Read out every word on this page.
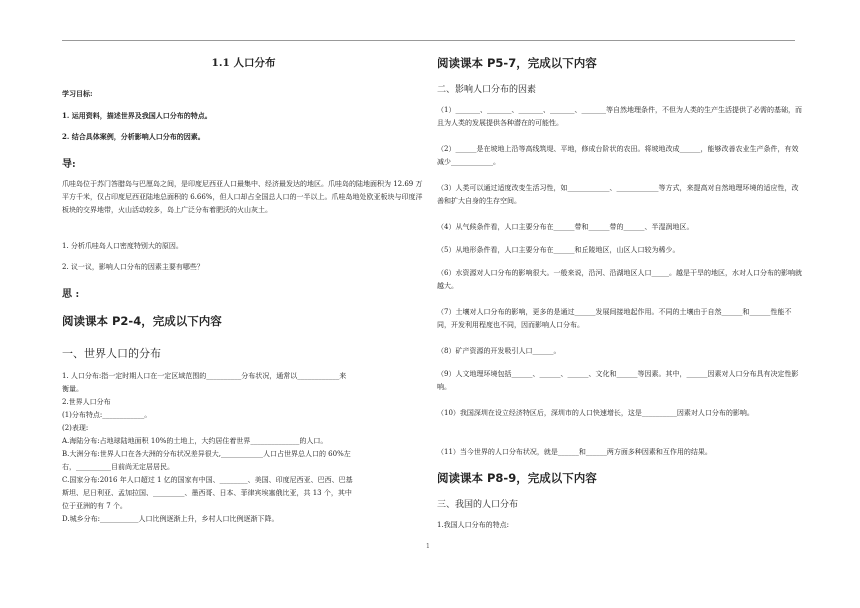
1.1 人口分布

学习目标:

1. 运用资料，描述世界及我国人口分布的特点。

2. 结合具体案例，分析影响人口分布的因素。

导:

爪哇岛位于苏门答腊岛与巴厘岛之间，是印度尼西亚人口最集中、经济最发达的地区。爪哇岛的陆地面积为 12.69 万平方千米，仅占印度尼西亚陆地总面积的 6.66%，但人口却占全国总人口的一半以上。爪哇岛地处欧亚板块与印度洋板块的交界地带，火山活动较多，岛上广泛分布着肥沃的火山灰土。

1. 分析爪哇岛人口密度特别大的原因。

2. 议一议，影响人口分布的因素主要有哪些？

思 :

阅读课本 P2-4，完成以下内容

一、世界人口的分布

1. 人口分布:指一定时期人口在一定区域范围的__________分布状况，通常以____________来

衡量。

2.世界人口分布

(1)分布特点:____________。

(2)表现:

A.海陆分布:占地球陆地面积 10%的土地上，大约居住着世界______________的人口。

B.大洲分布:世界人口在各大洲的分布状况差异很大,____________人口占世界总人口的 60%左

右，__________目前尚无定居居民。

C.国家分布:2016 年人口超过 1 亿的国家有中国、________、美国、印度尼西亚、巴西、巴基

斯坦、尼日利亚、孟加拉国、_________、墨西哥、日本、菲律宾埃塞俄比亚，共 13 个，其中

位于亚洲的有 7 个。

D.城乡分布:___________人口比例逐渐上升，乡村人口比例逐渐下降。

阅读课本 P5-7，完成以下内容

二、影响人口分布的因素

（1）_______、_______、_______、_______、_______等自然地理条件，不但为人类的生产生活提供了必需的基础，而且为人类的发展提供各种潜在的可能性。

（2）______是在坡地上沿等高线筑堤、平地，修成台阶状的农田。将坡地改成______，能够改善农业生产条件，有效减少____________。

（3）人类可以通过适度改变生活习性，如____________、____________等方式，来提高对自然地理环境的适应性，改善和扩大自身的生存空间。

（4）从气候条件看，人口主要分布在______带和______带的______、半湿润地区。

（5）从地形条件看，人口主要分布在______和丘陵地区，山区人口较为稀少。

（6）水资源对人口分布的影响很大。一般来说，沿河、沿湖地区人口_____。越是干旱的地区，水对人口分布的影响就越大。

（7）土壤对人口分布的影响，更多的是通过______发展间接地起作用。不同的土壤由于自然______和______性能不同，开发利用程度也不同，因而影响人口分布。

（8）矿产资源的开发吸引人口______。

（9）人文地理环境包括______、______、______、文化和______等因素。其中，______因素对人口分布具有决定性影响。

（10）我国深圳在设立经济特区后，深圳市的人口快速增长，这是__________因素对人口分布的影响。

（11）当今世界的人口分布状况，就是______和______两方面多种因素和互作用的结果。

阅读课本 P8-9，完成以下内容

三、我国的人口分布

1.我国人口分布的特点:

1
